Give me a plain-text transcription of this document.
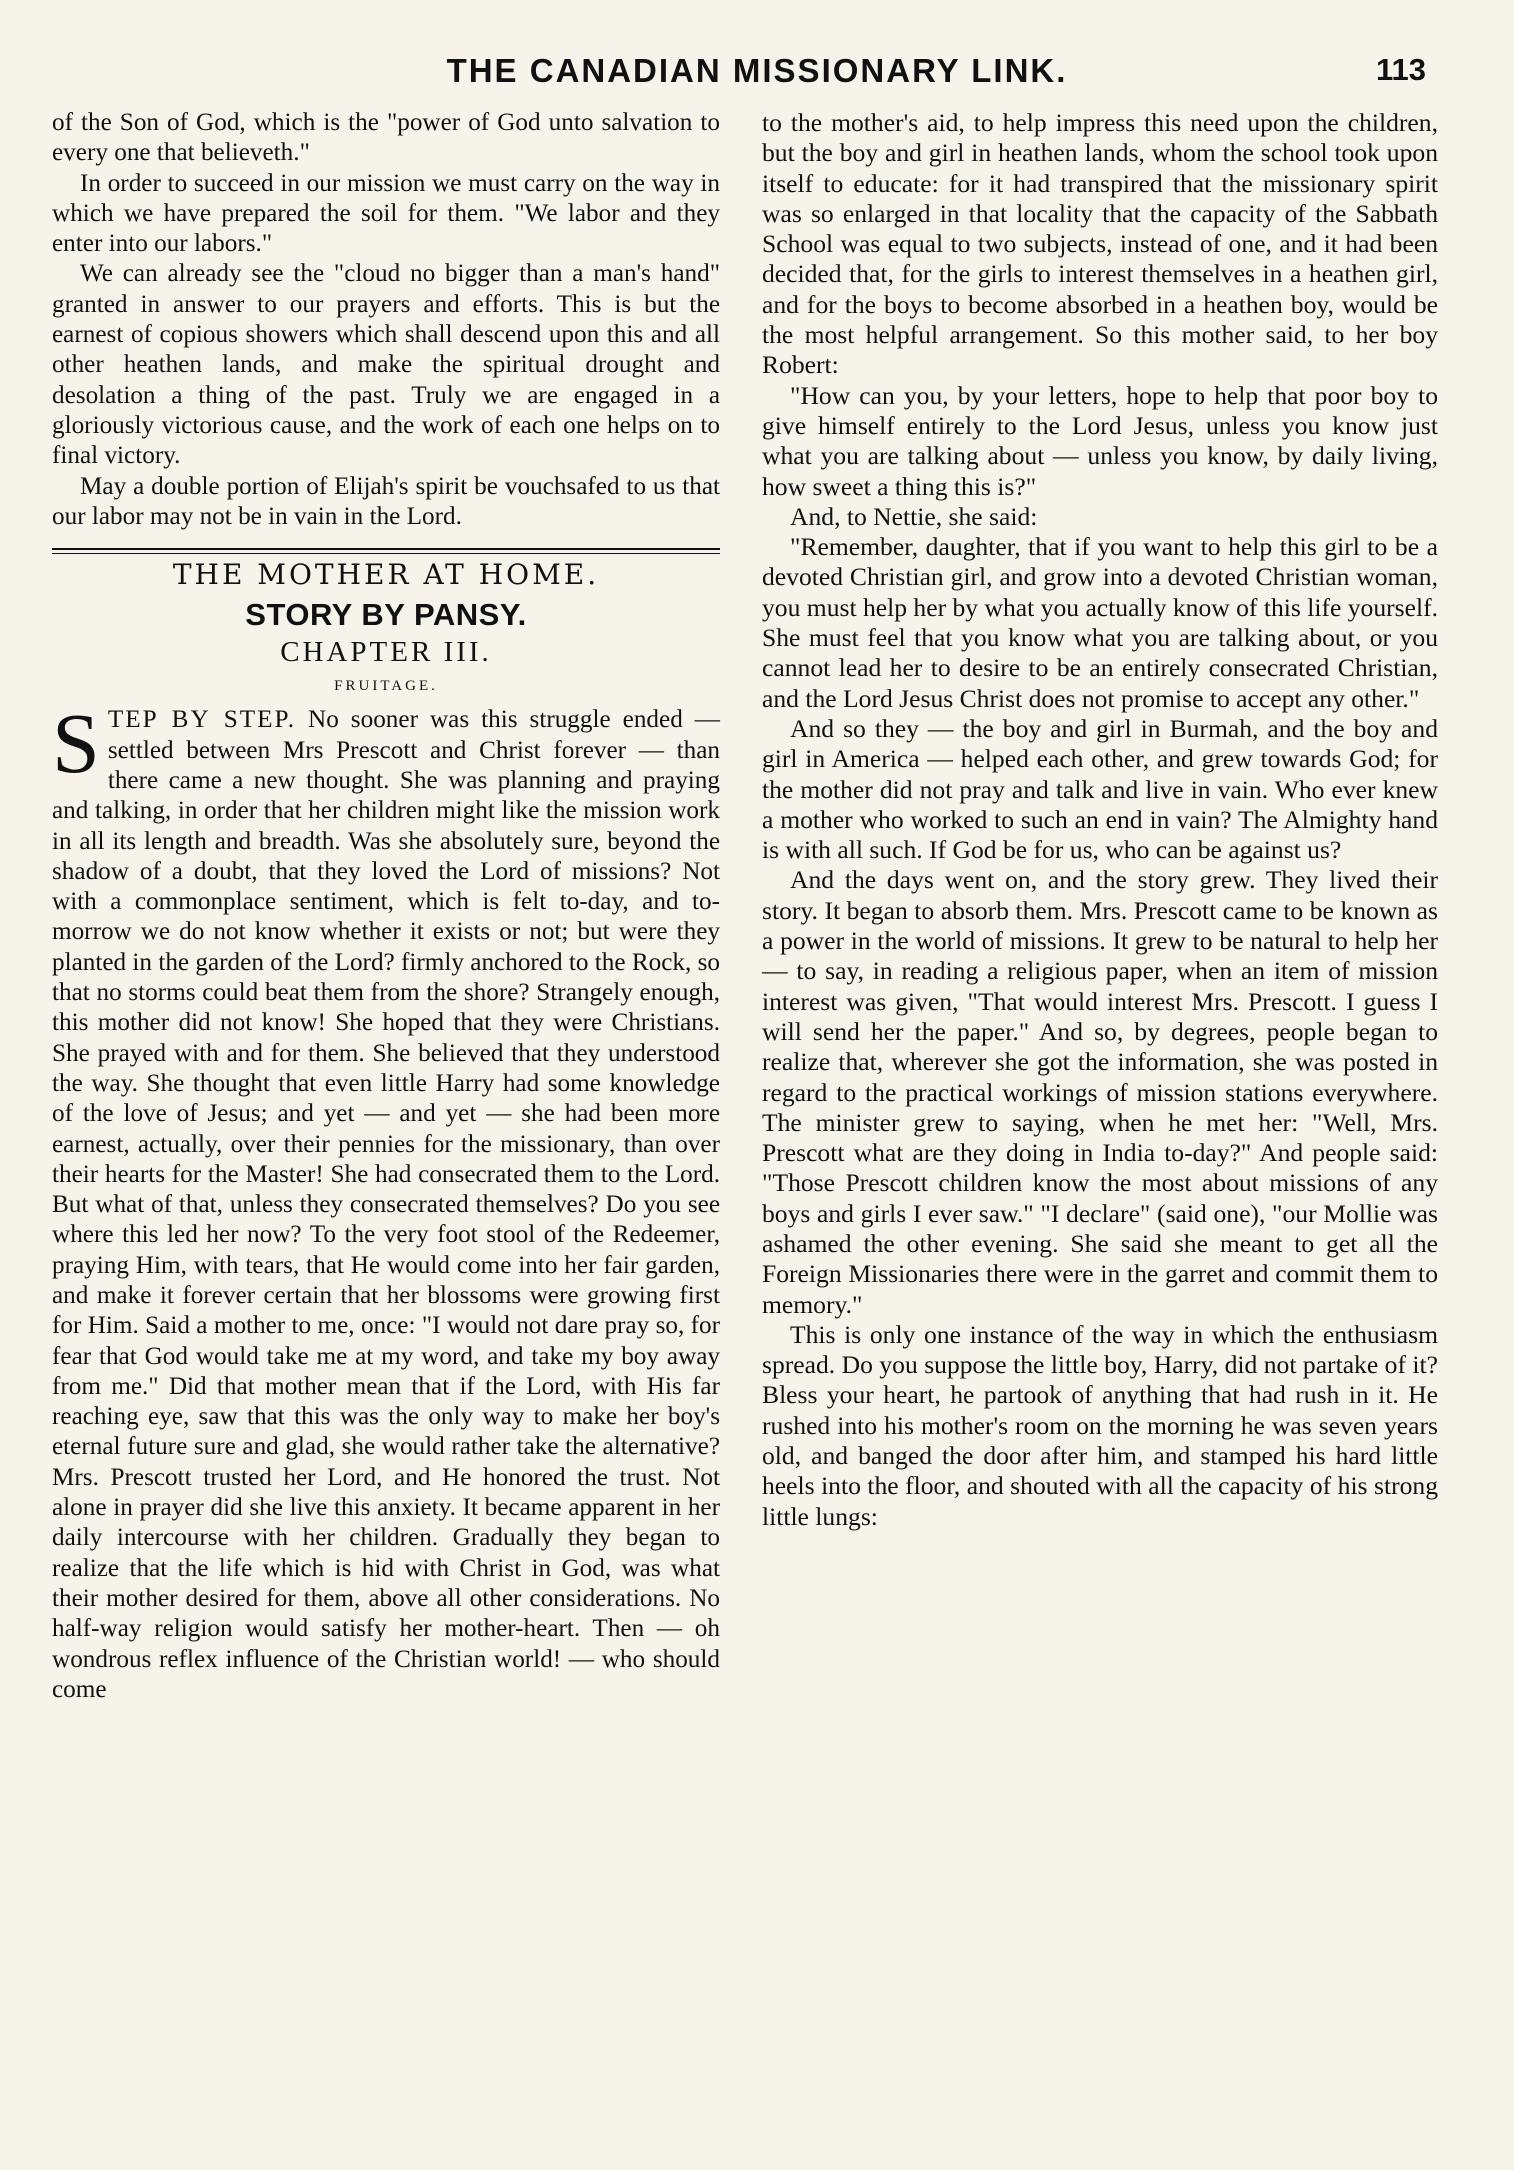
THE CANADIAN MISSIONARY LINK.	113

of the Son of God, which is the "power of God unto salvation to every one that believeth."

In order to succeed in our mission we must carry on the way in which we have prepared the soil for them. "We labor and they enter into our labors."

We can already see the "cloud no bigger than a man's hand" granted in answer to our prayers and efforts. This is but the earnest of copious showers which shall descend upon this and all other heathen lands, and make the spiritual drought and desolation a thing of the past. Truly we are engaged in a gloriously victorious cause, and the work of each one helps on to final victory.

May a double portion of Elijah's spirit be vouchsafed to us that our labor may not be in vain in the Lord.

THE MOTHER AT HOME.
STORY BY PANSY.
CHAPTER III.
FRUITAGE.

STEP BY STEP. No sooner was this struggle ended — settled between Mrs Prescott and Christ forever — than there came a new thought. She was planning and praying and talking, in order that her children might like the mission work in all its length and breadth. Was she absolutely sure, beyond the shadow of a doubt, that they loved the Lord of missions? Not with a commonplace sentiment, which is felt to-day, and to-morrow we do not know whether it exists or not; but were they planted in the garden of the Lord? firmly anchored to the Rock, so that no storms could beat them from the shore? Strangely enough, this mother did not know! She hoped that they were Christians. She prayed with and for them. She believed that they understood the way. She thought that even little Harry had some knowledge of the love of Jesus; and yet — and yet — she had been more earnest, actually, over their pennies for the missionary, than over their hearts for the Master! She had consecrated them to the Lord. But what of that, unless they consecrated themselves? Do you see where this led her now? To the very foot stool of the Redeemer, praying Him, with tears, that He would come into her fair garden, and make it forever certain that her blossoms were growing first for Him. Said a mother to me, once: "I would not dare pray so, for fear that God would take me at my word, and take my boy away from me." Did that mother mean that if the Lord, with His far reaching eye, saw that this was the only way to make her boy's eternal future sure and glad, she would rather take the alternative? Mrs. Prescott trusted her Lord, and He honored the trust. Not alone in prayer did she live this anxiety. It became apparent in her daily intercourse with her children. Gradually they began to realize that the life which is hid with Christ in God, was what their mother desired for them, above all other considerations. No half-way religion would satisfy her mother-heart. Then — oh wondrous reflex influence of the Christian world! — who should come

to the mother's aid, to help impress this need upon the children, but the boy and girl in heathen lands, whom the school took upon itself to educate: for it had transpired that the missionary spirit was so enlarged in that locality that the capacity of the Sabbath School was equal to two subjects, instead of one, and it had been decided that, for the girls to interest themselves in a heathen girl, and for the boys to become absorbed in a heathen boy, would be the most helpful arrangement. So this mother said, to her boy Robert:

"How can you, by your letters, hope to help that poor boy to give himself entirely to the Lord Jesus, unless you know just what you are talking about — unless you know, by daily living, how sweet a thing this is?"

And, to Nettie, she said:

"Remember, daughter, that if you want to help this girl to be a devoted Christian girl, and grow into a devoted Christian woman, you must help her by what you actually know of this life yourself. She must feel that you know what you are talking about, or you cannot lead her to desire to be an entirely consecrated Christian, and the Lord Jesus Christ does not promise to accept any other."

And so they — the boy and girl in Burmah, and the boy and girl in America — helped each other, and grew towards God; for the mother did not pray and talk and live in vain. Who ever knew a mother who worked to such an end in vain? The Almighty hand is with all such. If God be for us, who can be against us?

And the days went on, and the story grew. They lived their story. It began to absorb them. Mrs. Prescott came to be known as a power in the world of missions. It grew to be natural to help her — to say, in reading a religious paper, when an item of mission interest was given, "That would interest Mrs. Prescott. I guess I will send her the paper." And so, by degrees, people began to realize that, wherever she got the information, she was posted in regard to the practical workings of mission stations everywhere. The minister grew to saying, when he met her: "Well, Mrs. Prescott what are they doing in India to-day?" And people said: "Those Prescott children know the most about missions of any boys and girls I ever saw." "I declare" (said one), "our Mollie was ashamed the other evening. She said she meant to get all the Foreign Missionaries there were in the garret and commit them to memory."

This is only one instance of the way in which the enthusiasm spread. Do you suppose the little boy, Harry, did not partake of it? Bless your heart, he partook of anything that had rush in it. He rushed into his mother's room on the morning he was seven years old, and banged the door after him, and stamped his hard little heels into the floor, and shouted with all the capacity of his strong little lungs:
